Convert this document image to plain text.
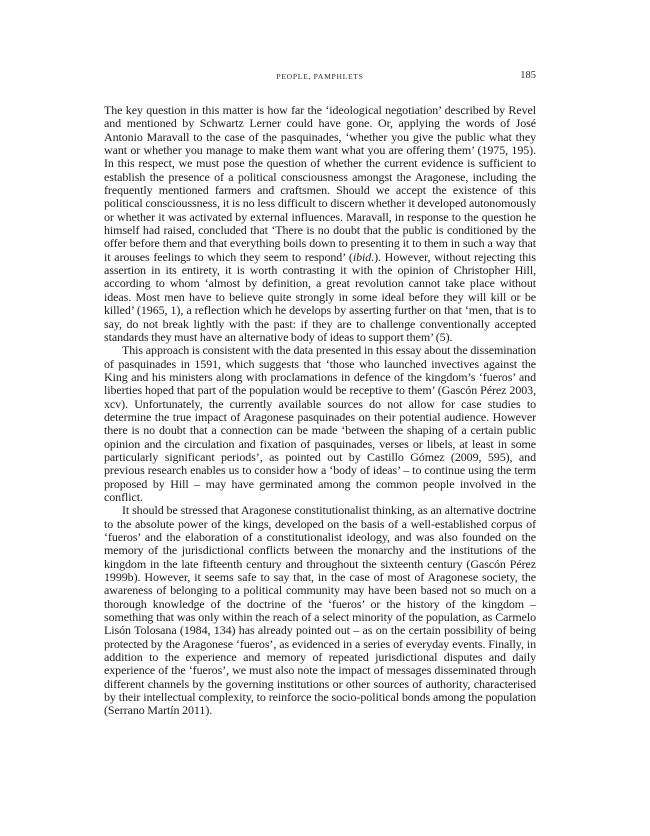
PEOPLE, PAMPHLETS	185

The key question in this matter is how far the ‘ideological negotiation’ described by Revel and mentioned by Schwartz Lerner could have gone. Or, applying the words of José Antonio Maravall to the case of the pasquinades, ‘whether you give the public what they want or whether you manage to make them want what you are offering them’ (1975, 195). In this respect, we must pose the question of whether the current evidence is sufficient to establish the presence of a political consciousness amongst the Aragonese, including the frequently mentioned farmers and craftsmen. Should we accept the existence of this political conscioussness, it is no less difficult to discern whether it developed autonomously or whether it was activated by external influences. Maravall, in response to the question he himself had raised, concluded that ‘There is no doubt that the public is conditioned by the offer before them and that everything boils down to presenting it to them in such a way that it arouses feelings to which they seem to respond’ (ibid.). However, without rejecting this assertion in its entirety, it is worth contrasting it with the opinion of Christopher Hill, according to whom ‘almost by definition, a great revolution cannot take place without ideas. Most men have to believe quite strongly in some ideal before they will kill or be killed’ (1965, 1), a reflection which he develops by asserting further on that ‘men, that is to say, do not break lightly with the past: if they are to challenge conventionally accepted standards they must have an alternative body of ideas to support them’ (5).

This approach is consistent with the data presented in this essay about the dissemination of pasquinades in 1591, which suggests that ‘those who launched invectives against the King and his ministers along with proclamations in defence of the kingdom’s ‘fueros’ and liberties hoped that part of the population would be receptive to them’ (Gascón Pérez 2003, xcv). Unfortunately, the currently available sources do not allow for case studies to determine the true impact of Aragonese pasquinades on their potential audience. However there is no doubt that a connection can be made ‘between the shaping of a certain public opinion and the circulation and fixation of pasquinades, verses or libels, at least in some particularly significant periods’, as pointed out by Castillo Gómez (2009, 595), and previous research enables us to consider how a ‘body of ideas’ – to continue using the term proposed by Hill – may have germinated among the common people involved in the conflict.

It should be stressed that Aragonese constitutionalist thinking, as an alternative doctrine to the absolute power of the kings, developed on the basis of a well-established corpus of ‘fueros’ and the elaboration of a constitutionalist ideology, and was also founded on the memory of the jurisdictional conflicts between the monarchy and the institutions of the kingdom in the late fifteenth century and throughout the sixteenth century (Gascón Pérez 1999b). However, it seems safe to say that, in the case of most of Aragonese society, the awareness of belonging to a political community may have been based not so much on a thorough knowledge of the doctrine of the ‘fueros’ or the history of the kingdom – something that was only within the reach of a select minority of the population, as Carmelo Lisón Tolosana (1984, 134) has already pointed out – as on the certain possibility of being protected by the Aragonese ‘fueros’, as evidenced in a series of everyday events. Finally, in addition to the experience and memory of repeated jurisdictional disputes and daily experience of the ‘fueros’, we must also note the impact of messages disseminated through different channels by the governing institutions or other sources of authority, characterised by their intellectual complexity, to reinforce the socio-political bonds among the population (Serrano Martín 2011).
